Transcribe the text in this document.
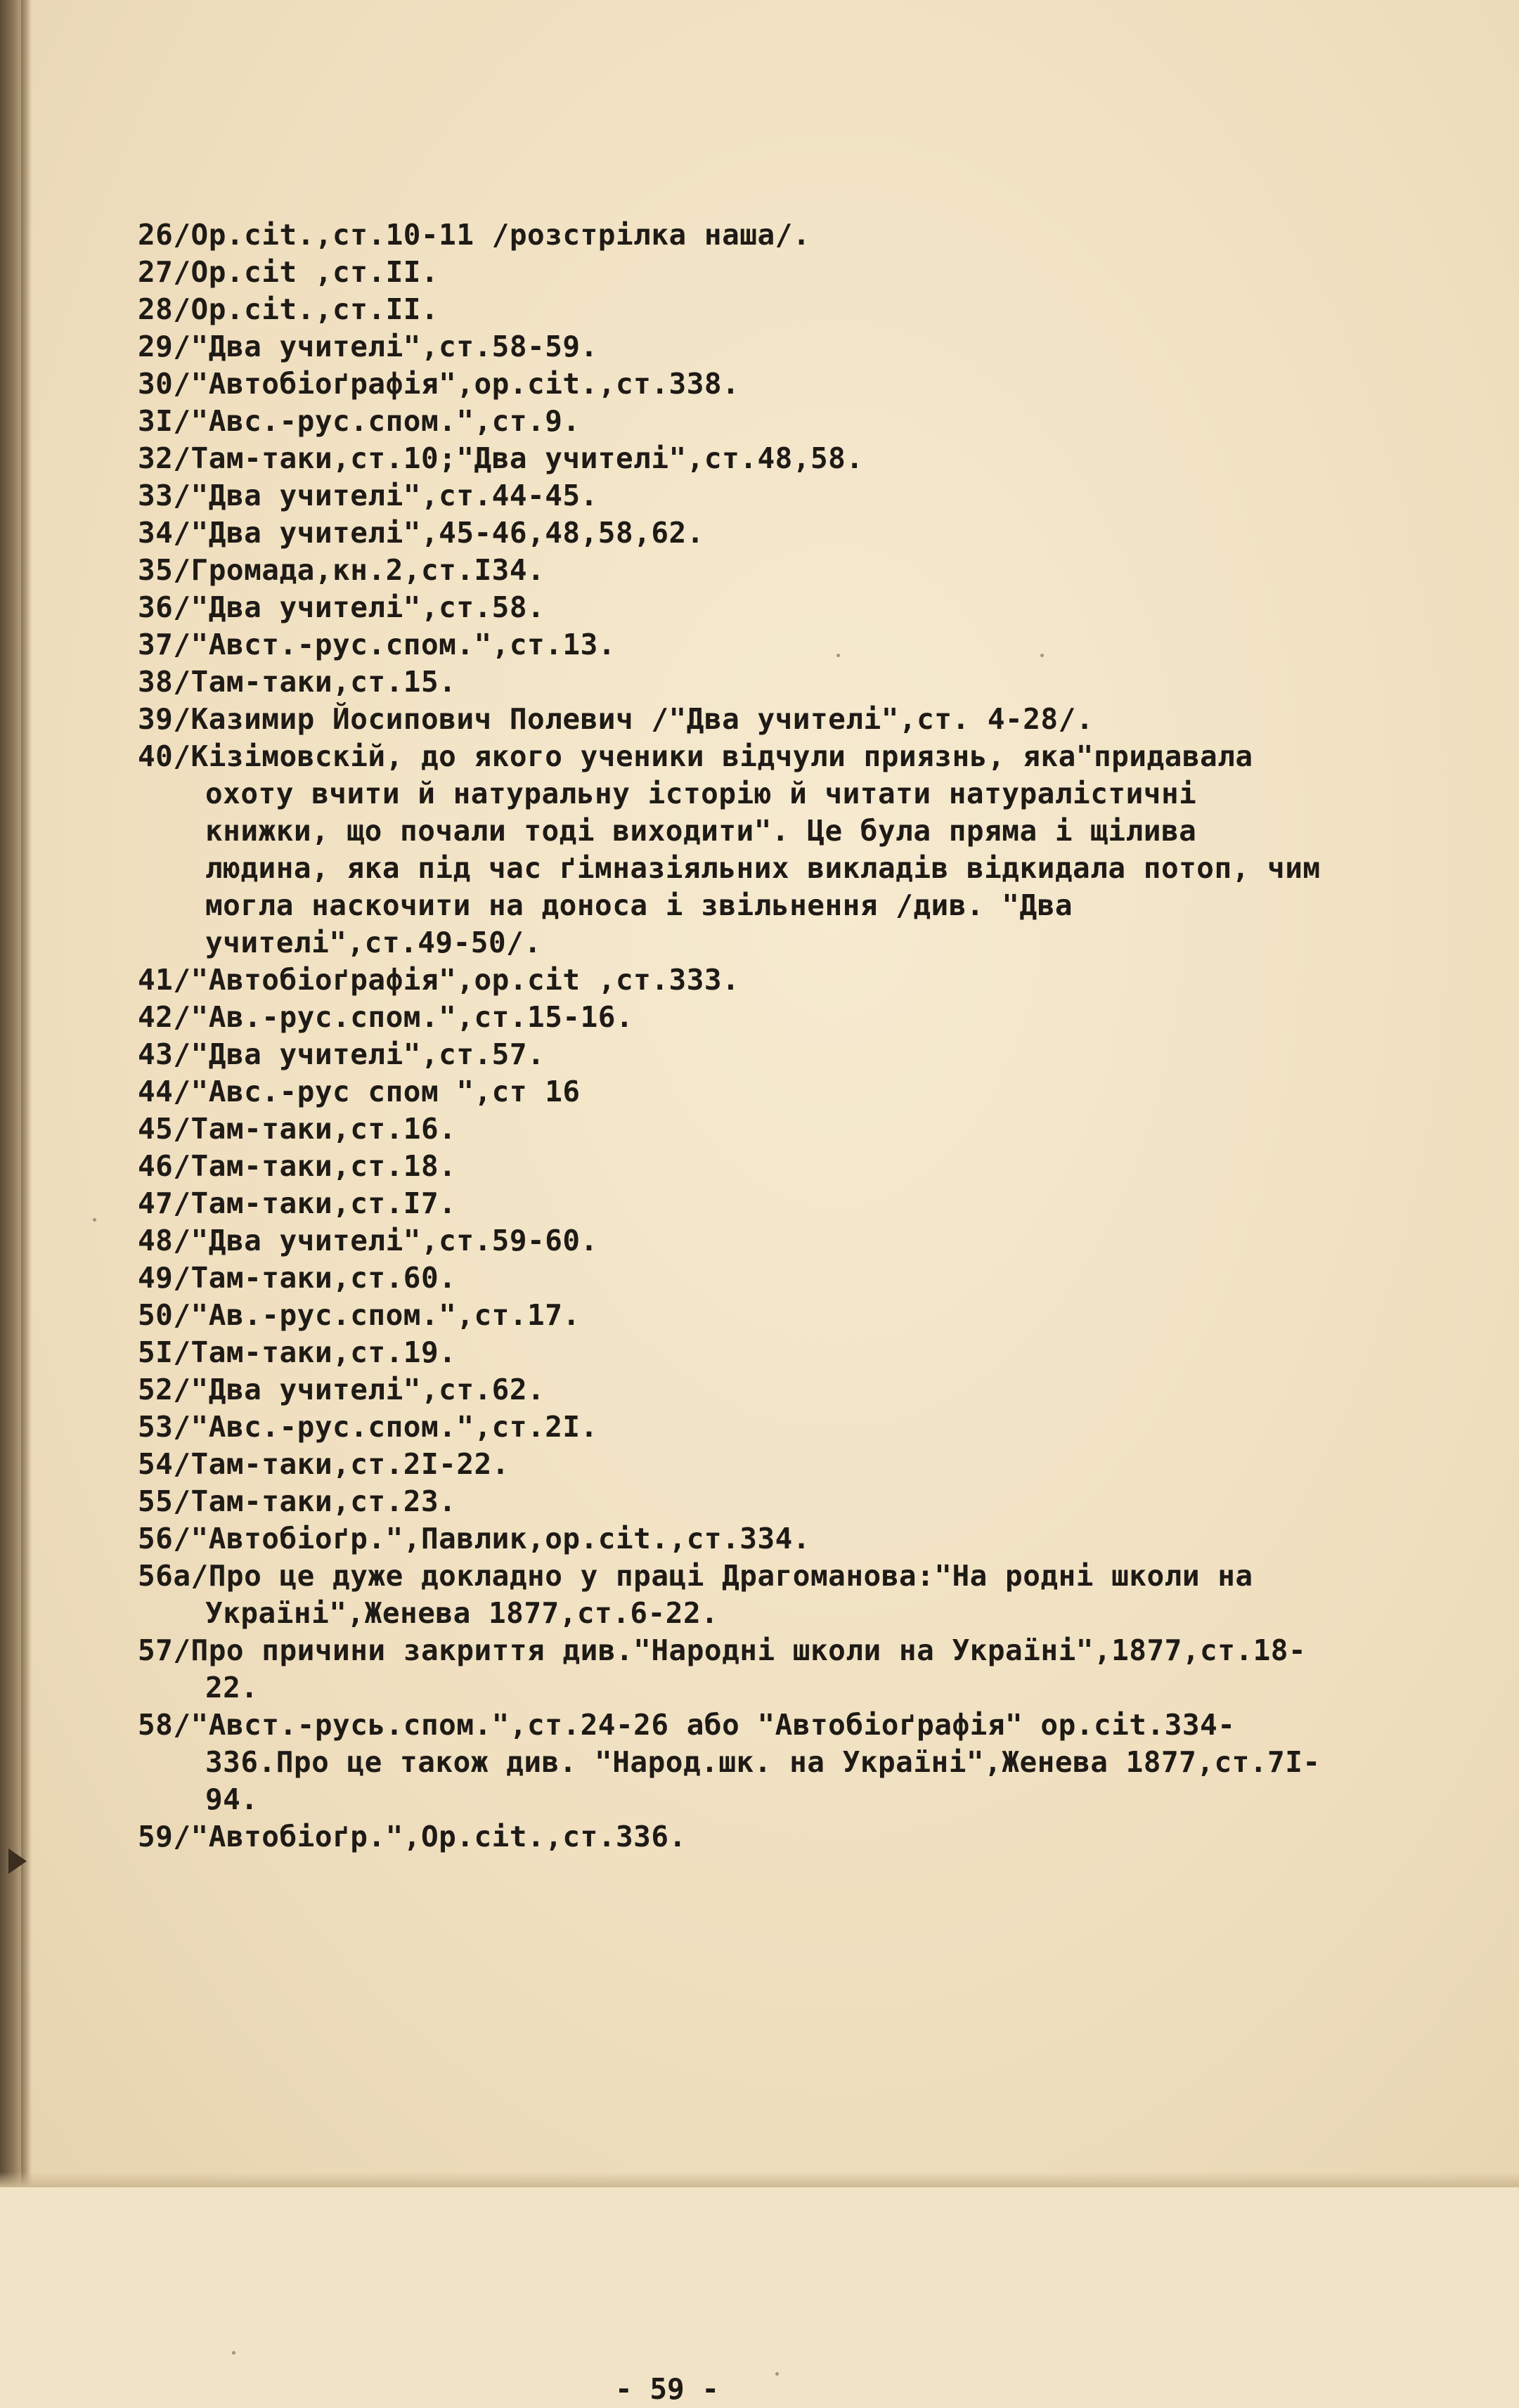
26/Op.cit.,ст.10-11 /розстрілка наша/.
27/Op.cit ,ст.II.
28/Op.cit.,ст.II.
29/"Два учителі",ст.58-59.
30/"Автобіоґрафія",op.cit.,ст.338.
3I/"Авс.-рус.спом.",ст.9.
32/Там-таки,ст.10;"Два учителі",ст.48,58.
33/"Два учителі",ст.44-45.
34/"Два учителі",45-46,48,58,62.
35/Громада,кн.2,ст.I34.
36/"Два учителі",ст.58.
37/"Авст.-рус.спом.",ст.13.
38/Там-таки,ст.15.
39/Казимир Йосипович Полевич /"Два учителі",ст. 4-28/.
40/Кізімовскій, до якого ученики відчули приязнь, яка"придавала охоту вчити й натуральну історію й читати натуралістичні книжки, що почали тоді виходити". Це була пряма і щілива людина, яка під час ґімназіяльних викладів відкидала потоп, чим могла наскочити на доноса і звільнення /див. "Два учителі",ст.49-50/.
41/"Автобіоґрафія",op.cit ,ст.333.
42/"Ав.-рус.спом.",ст.15-16.
43/"Два учителі",ст.57.
44/"Авс.-рус спом ",ст 16
45/Там-таки,ст.16.
46/Там-таки,ст.18.
47/Там-таки,ст.I7.
48/"Два учителі",ст.59-60.
49/Там-таки,ст.60.
50/"Ав.-рус.спом.",ст.17.
5I/Там-таки,ст.19.
52/"Два учителі",ст.62.
53/"Авс.-рус.спом.",ст.2I.
54/Там-таки,ст.2I-22.
55/Там-таки,ст.23.
56/"Автобіоґр.",Павлик,op.cit.,ст.334.
56а/Про це дуже докладно у праці Драгоманова:"На родні школи на Україні",Женева 1877,ст.6-22.
57/Про причини закриття див."Народні школи на Україні",1877,ст.18-22.
58/"Авст.-русь.спом.",ст.24-26 або "Автобіоґрафія" op.cit.334-336.Про це також див. "Народ.шк. на Україні",Женева 1877,ст.7I-94.
59/"Автобіоґр.",Op.cit.,ст.336.
- 59 -
